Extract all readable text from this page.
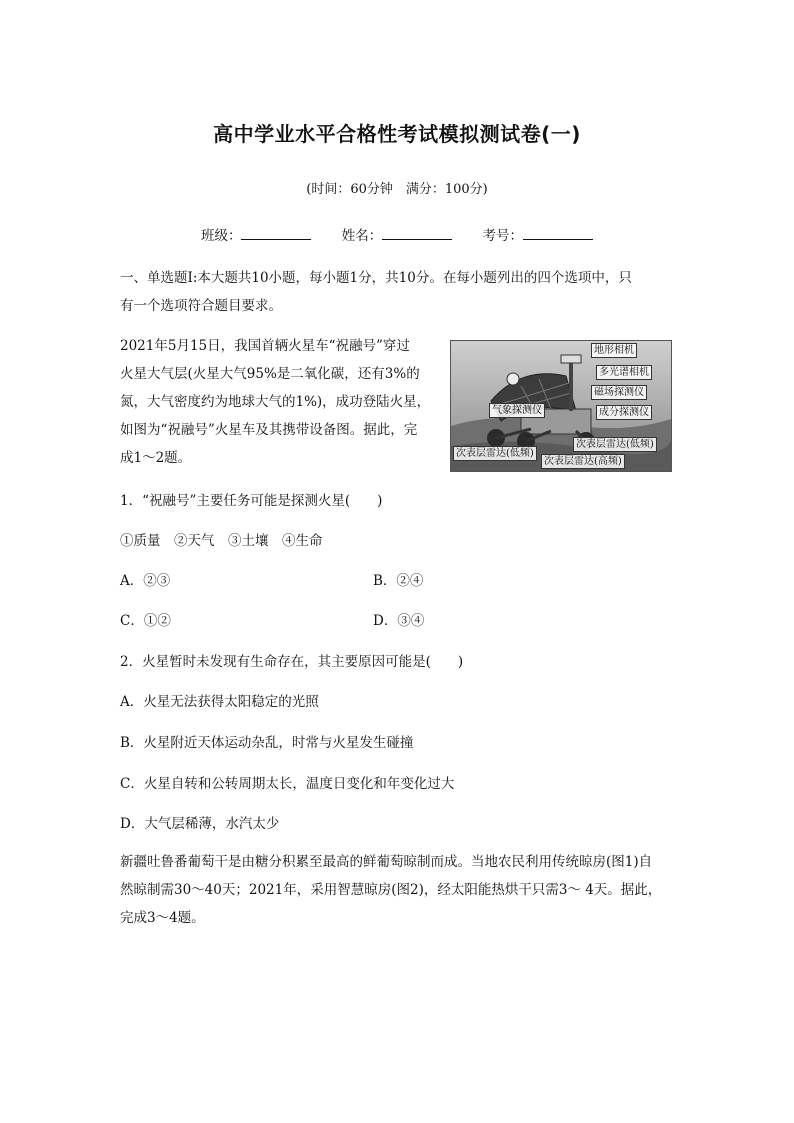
高中学业水平合格性考试模拟测试卷(一)
(时间：60分钟　满分：100分)
班级：	姓名：	考号：
一、单选题Ⅰ:本大题共10小题，每小题1分，共10分。在每小题列出的四个选项中，只
有一个选项符合题目要求。
2021年5月15日，我国首辆火星车“祝融号”穿过
火星大气层(火星大气95%是二氧化碳，还有3%的
氮，大气密度约为地球大气的1%)，成功登陆火星，
如图为“祝融号”火星车及其携带设备图。据此，完
成1～2题。
地形相机
多光谱相机
磁场探测仪
气象探测仪	成分探测仪
次表层雷达(低频)
次表层雷达(高频)
次表层雷达(低频)
1．“祝融号”主要任务可能是探测火星(　　)
①质量　②天气　③土壤　④生命
A．②③	B．②④
C．①②	D．③④
2．火星暂时未发现有生命存在，其主要原因可能是(　　)
A．火星无法获得太阳稳定的光照
B．火星附近天体运动杂乱，时常与火星发生碰撞
C．火星自转和公转周期太长，温度日变化和年变化过大
D．大气层稀薄，水汽太少
新疆吐鲁番葡萄干是由糖分积累至最高的鲜葡萄晾制而成。当地农民利用传统晾房(图1)自
然晾制需30～40天；2021年，采用智慧晾房(图2)，经太阳能热烘干只需3～ 4天。据此，
完成3～4题。
